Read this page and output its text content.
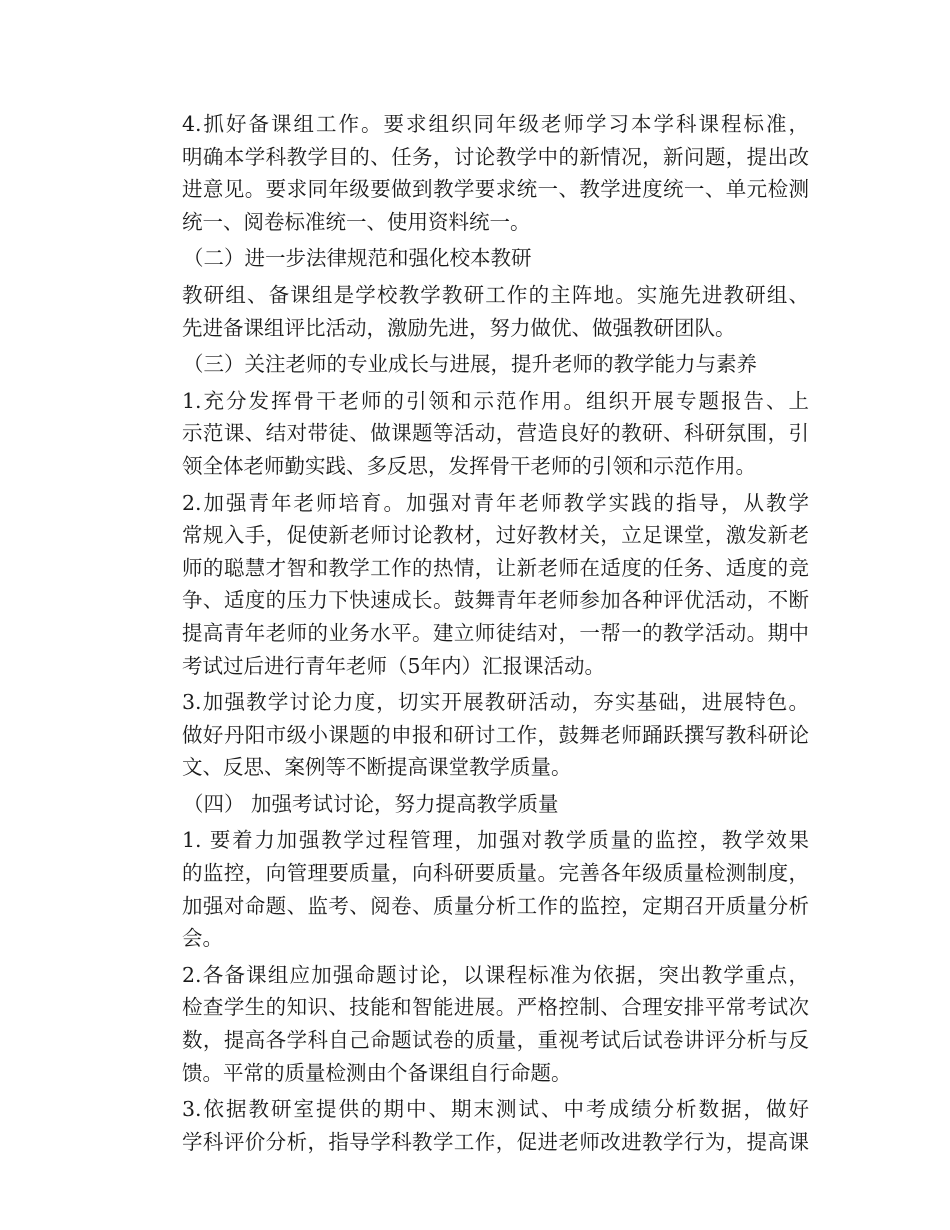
4.抓好备课组工作。要求组织同年级老师学习本学科课程标准，
明确本学科教学目的、任务，讨论教学中的新情况，新问题，提出改
进意见。要求同年级要做到教学要求统一、教学进度统一、单元检测
统一、阅卷标准统一、使用资料统一。
（二）进一步法律规范和强化校本教研
教研组、备课组是学校教学教研工作的主阵地。实施先进教研组、
先进备课组评比活动，激励先进，努力做优、做强教研团队。
（三）关注老师的专业成长与进展，提升老师的教学能力与素养
1.充分发挥骨干老师的引领和示范作用。组织开展专题报告、上
示范课、结对带徒、做课题等活动，营造良好的教研、科研氛围，引
领全体老师勤实践、多反思，发挥骨干老师的引领和示范作用。
2.加强青年老师培育。加强对青年老师教学实践的指导，从教学
常规入手，促使新老师讨论教材，过好教材关，立足课堂，激发新老
师的聪慧才智和教学工作的热情，让新老师在适度的任务、适度的竞
争、适度的压力下快速成长。鼓舞青年老师参加各种评优活动，不断
提高青年老师的业务水平。建立师徒结对，一帮一的教学活动。期中
考试过后进行青年老师（5年内）汇报课活动。
3.加强教学讨论力度，切实开展教研活动，夯实基础，进展特色。
做好丹阳市级小课题的申报和研讨工作，鼓舞老师踊跃撰写教科研论
文、反思、案例等不断提高课堂教学质量。
（四） 加强考试讨论，努力提高教学质量
1. 要着力加强教学过程管理，加强对教学质量的监控，教学效果
的监控，向管理要质量，向科研要质量。完善各年级质量检测制度，
加强对命题、监考、阅卷、质量分析工作的监控，定期召开质量分析
会。
2.各备课组应加强命题讨论，以课程标准为依据，突出教学重点，
检查学生的知识、技能和智能进展。严格控制、合理安排平常考试次
数，提高各学科自己命题试卷的质量，重视考试后试卷讲评分析与反
馈。平常的质量检测由个备课组自行命题。
3.依据教研室提供的期中、期末测试、中考成绩分析数据，做好
学科评价分析，指导学科教学工作，促进老师改进教学行为，提高课
